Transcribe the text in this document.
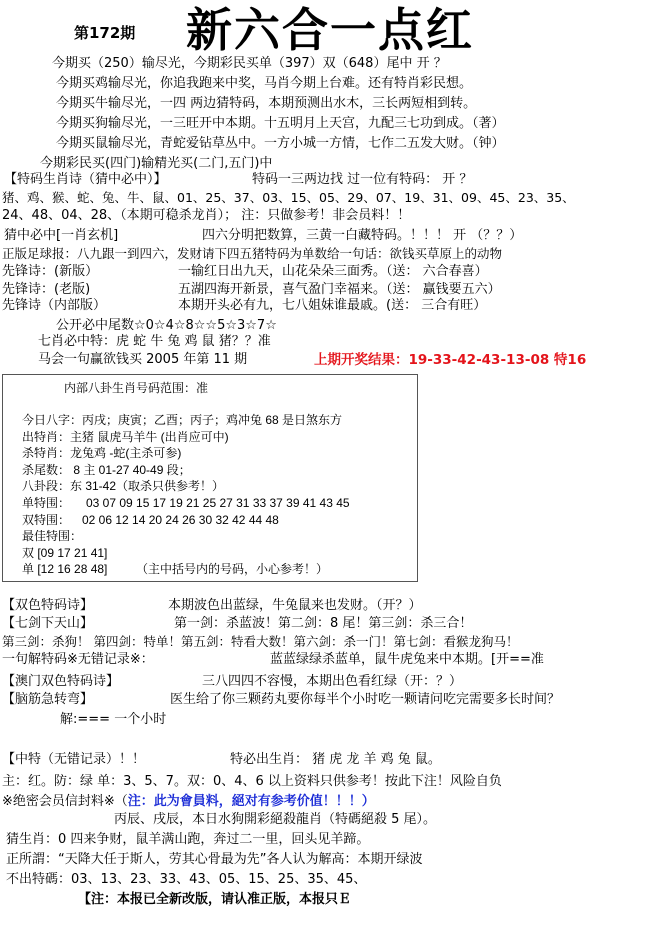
第172期 新六合一点红
今期买（250）输尽光，今期彩民买单（397）双（648）尾中 开 ？
今期买鸡输尽光，你追我跑来中奖，马肖今期上台难。还有特肖彩民想。
今期买牛输尽光，一四 两边猜特码，本期预测出水木，三长两短相到转。
今期买狗输尽光，一三旺开中本期。十五明月上天宫，九配三七功到成。（著）
今期买鼠输尽光，青蛇爱钻草丛中。一方小城一方情，七作二五发大财。（钟）
今期彩民买(四门)输精光买(二门,五门)中
【特码生肖诗（猜中必中）】	特码一三两边找 过一位有特码： 开 ？
猪、鸡、猴、蛇、兔、牛、鼠、01、25、37、03、15、05、29、07、19、31、09、45、23、35、
24、48、04、28、（本期可稳杀龙肖）； 注：只做参考！非会员料！！
猜中必中[一肖玄机]	四六分明把数算，三黄一白藏特码。！！！ 开 （？？）
正版足球报：八九跟一到四六，发财请下四五猪特码为单数给一句话：欲钱买草原上的动物
先锋诗：(新版）	一输红日出九天，山花朵朵三面秀。（送： 六合春喜）
先锋诗：(老版)	五湖四海开新景，喜气盈门幸福来。（送： 赢钱要五六）
先锋诗（内部版）	本期开头必有九，七八姐妹谁最戚。(送： 三合有旺）
公开必中尾数☆0☆4☆8☆☆5☆3☆7☆
七肖必中特：虎 蛇 牛 兔 鸡 鼠 猪？？准
马会一句赢欲钱买 2005 年第 11 期	上期开奖结果：19-33-42-43-13-08 特16
内部八卦生肖号码范围：准
今日八字：丙戌；庚寅；乙酉；丙子；鸡冲兔 68 是日煞东方
出特肖：主猪 鼠虎马羊牛 (出肖应可中)
杀特肖：龙兔鸡 -蛇(主杀可参)
杀尾数： 8 主 01-27 40-49 段；
八卦段：东 31-42（取杀只供参考！）
单特围： 03 07 09 15 17 19 21 25 27 31 33 37 39 41 43 45
双特围： 02 06 12 14 20 24 26 30 32 42 44 48
最佳特围：
双 [09 17 21 41]
单 [12 16 28 48] （主中括号内的号码，小心参考！）
【双色特码诗】	本期波色出蓝绿，牛兔鼠来也发财。（开？）
【七剑下天山】	第一剑：杀蓝波！第二剑：8 尾！第三剑：杀三合！
第三剑：杀狗！ 第四剑：特单！第五剑：特看大数！第六剑：杀一门！第七剑：看猴龙狗马！
一句解特码※无错记录※：	蓝蓝绿绿杀蓝单，鼠牛虎兔来中本期。[开==准
【澳门双色特码诗】	三八四四不容慢，本期出色看红绿（开：？）
【脑筋急转弯】	医生给了你三颗药丸要你每半个小时吃一颗请问吃完需要多长时间？
解:=== 一个小时
【中特（无错记录）！！	特必出生肖： 猪 虎 龙 羊 鸡 兔 鼠。
主：红。防：绿 单：3、5、7。双：0、4、6 以上资料只供参考！按此下注！风险自负
※绝密会员信封料※（注：此为會員料，絕对有参考价值！！！）
丙辰、戌辰，本日水狗開彩絕殺龍肖（特碼絕殺 5 尾）。
猜生肖：0 四来争财，鼠羊满山跑，奔过二一里，回头见羊蹄。
正所謂：“天降大任于斯人，劳其心骨最为先”各人认为解高：本期开绿波
不出特碼：03、13、23、33、43、05、15、25、35、45、
【注：本报已全新改版，请认准正版，本报只Ｅ
